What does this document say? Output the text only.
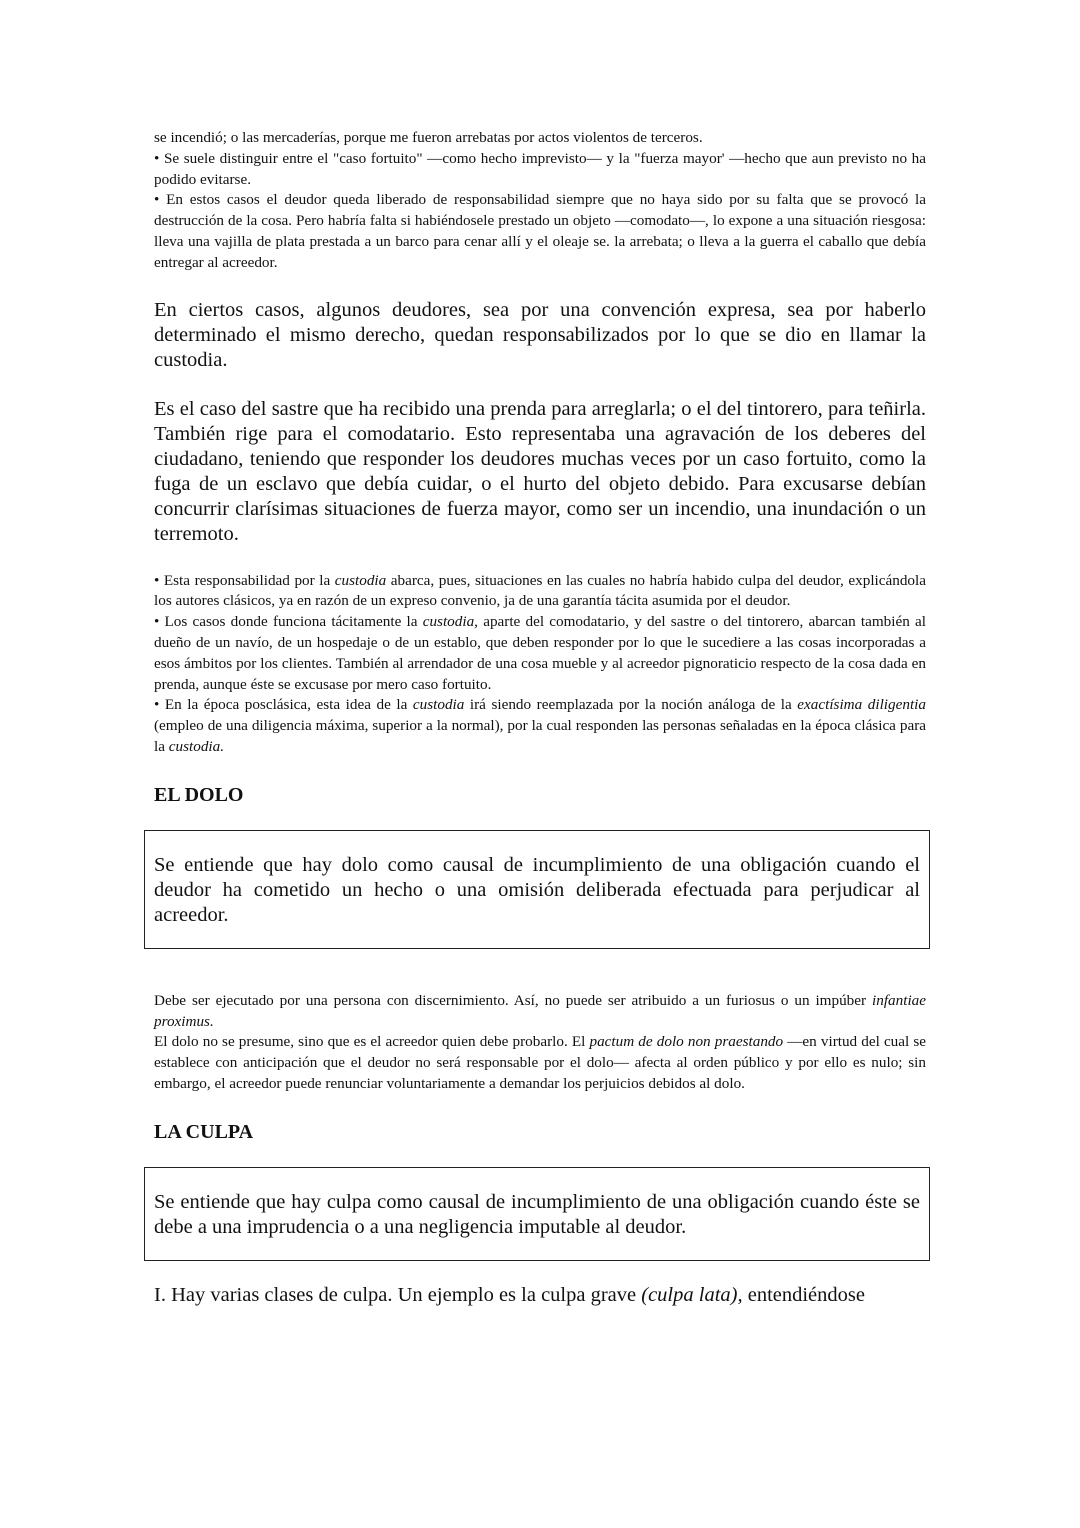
se incendió; o las mercaderías, porque me fueron arrebatas por actos violentos de terceros.

• Se suele distinguir entre el "caso fortuito" —como hecho imprevisto— y la "fuerza mayor' —hecho que aun previsto no ha podido evitarse.

• En estos casos el deudor queda liberado de responsabilidad siempre que no haya sido por su falta que se provocó la destrucción de la cosa. Pero habría falta si habiéndosele prestado un objeto —comodato—, lo expone a una situación riesgosa: lleva una vajilla de plata prestada a un barco para cenar allí y el oleaje se. la arrebata; o lleva a la guerra el caballo que debía entregar al acreedor.

En ciertos casos, algunos deudores, sea por una convención expresa, sea por haberlo determinado el mismo derecho, quedan responsabilizados por lo que se dio en llamar la custodia.

Es el caso del sastre que ha recibido una prenda para arreglarla; o el del tintorero, para teñirla. También rige para el comodatario. Esto representaba una agravación de los deberes del ciudadano, teniendo que responder los deudores muchas veces por un caso fortuito, como la fuga de un esclavo que debía cuidar, o el hurto del objeto debido. Para excusarse debían concurrir clarísimas situaciones de fuerza mayor, como ser un incendio, una inundación o un terremoto.

• Esta responsabilidad por la custodia abarca, pues, situaciones en las cuales no habría habido culpa del deudor, explicándola los autores clásicos, ya en razón de un expreso convenio, ja de una garantía tácita asumida por el deudor.

• Los casos donde funciona tácitamente la custodia, aparte del comodatario, y del sastre o del tintorero, abarcan también al dueño de un navío, de un hospedaje o de un establo, que deben responder por lo que le sucediere a las cosas incorporadas a esos ámbitos por los clientes. También al arrendador de una cosa mueble y al acreedor pignoraticio respecto de la cosa dada en prenda, aunque éste se excusase por mero caso fortuito.

• En la época posclásica, esta idea de la custodia irá siendo reemplazada por la noción análoga de la exactísima diligentia (empleo de una diligencia máxima, superior a la normal), por la cual responden las personas señaladas en la época clásica para la custodia.

EL DOLO

Se entiende que hay dolo como causal de incumplimiento de una obligación cuando el deudor ha cometido un hecho o una omisión deliberada efectuada para perjudicar al acreedor.

Debe ser ejecutado por una persona con discernimiento. Así, no puede ser atribuido a un furiosus o un impúber infantiae proximus.

El dolo no se presume, sino que es el acreedor quien debe probarlo. El pactum de dolo non praestando —en virtud del cual se establece con anticipación que el deudor no será responsable por el dolo— afecta al orden público y por ello es nulo; sin embargo, el acreedor puede renunciar voluntariamente a demandar los perjuicios debidos al dolo.

LA CULPA

Se entiende que hay culpa como causal de incumplimiento de una obligación cuando éste se debe a una imprudencia o a una negligencia imputable al deudor.

I. Hay varias clases de culpa. Un ejemplo es la culpa grave (culpa lata), entendiéndose
